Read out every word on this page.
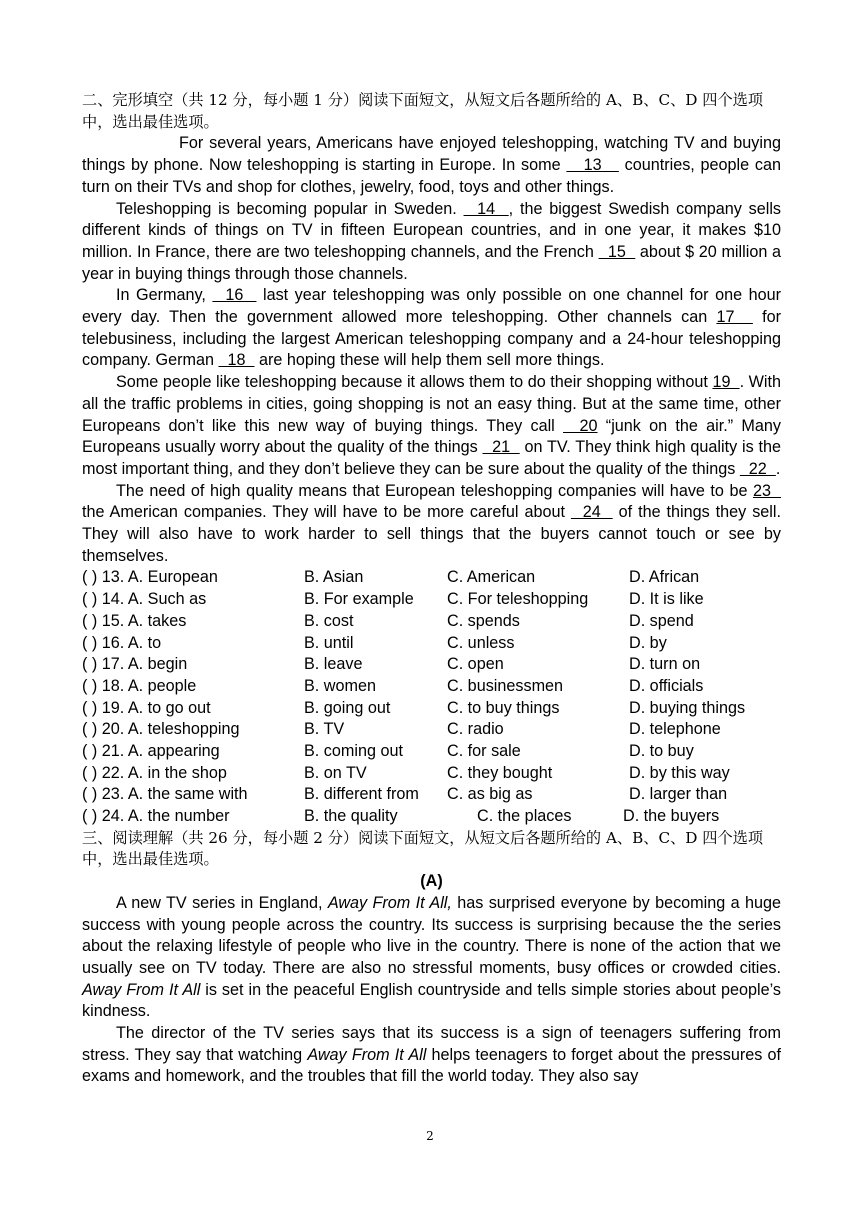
二、完形填空（共 12 分，每小题 1 分）阅读下面短文，从短文后各题所给的 A、B、C、D 四个选项中，选出最佳选项。

For several years, Americans have enjoyed teleshopping, watching TV and buying things by phone. Now teleshopping is starting in Europe. In some    13    countries, people can turn on their TVs and shop for clothes, jewelry, food, toys and other things.

Teleshopping is becoming popular in Sweden.   14  , the biggest Swedish company sells different kinds of things on TV in fifteen European countries, and in one year, it makes $10 million. In France, there are two teleshopping channels, and the French   15   about $ 20 million a year in buying things through those channels.

In Germany,   16   last year teleshopping was only possible on one channel for one hour every day. Then the government allowed more teleshopping. Other channels can 17   for telebusiness, including the largest American teleshopping company and a 24-hour teleshopping company. German   18   are hoping these will help them sell more things.

Some people like teleshopping because it allows them to do their shopping without 19  . With all the traffic problems in cities, going shopping is not an easy thing. But at the same time, other Europeans don’t like this new way of buying things. They call   20 “junk on the air.” Many Europeans usually worry about the quality of the things   21   on TV. They think high quality is the most important thing, and they don’t believe they can be sure about the quality of the things   22  .

The need of high quality means that European teleshopping companies will have to be 23   the American companies. They will have to be more careful about   24   of the things they sell. They will also have to work harder to sell things that the buyers cannot touch or see by themselves.

( ) 13. A. European	B. Asian	C. American	D. African
( ) 14. A. Such as	B. For example	C. For teleshopping	D. It is like
( ) 15. A. takes	B. cost	C. spends	D. spend
( ) 16. A. to	B. until	C. unless	D. by
( ) 17. A. begin	B. leave	C. open	D. turn on
( ) 18. A. people	B. women	C. businessmen	D. officials
( ) 19. A. to go out	B. going out	C. to buy things	D. buying things
( ) 20. A. teleshopping	B. TV	C. radio	D. telephone
( ) 21. A. appearing	B. coming out	C. for sale	D. to buy
( ) 22. A. in the shop	B. on TV	C. they bought	D. by this way
( ) 23. A. the same with	B. different from	C. as big as	D. larger than
( ) 24. A. the number	B. the quality	C. the places	D. the buyers
三、阅读理解（共 26 分，每小题 2 分）阅读下面短文，从短文后各题所给的 A、B、C、D 四个选项中，选出最佳选项。

(A)

A new TV series in England, Away From It All, has surprised everyone by becoming a huge success with young people across the country. Its success is surprising because the the series about the relaxing lifestyle of people who live in the country. There is none of the action that we usually see on TV today. There are also no stressful moments, busy offices or crowded cities. Away From It All is set in the peaceful English countryside and tells simple stories about people’s kindness.

The director of the TV series says that its success is a sign of teenagers suffering from stress. They say that watching Away From It All helps teenagers to forget about the pressures of exams and homework, and the troubles that fill the world today. They also say

2
